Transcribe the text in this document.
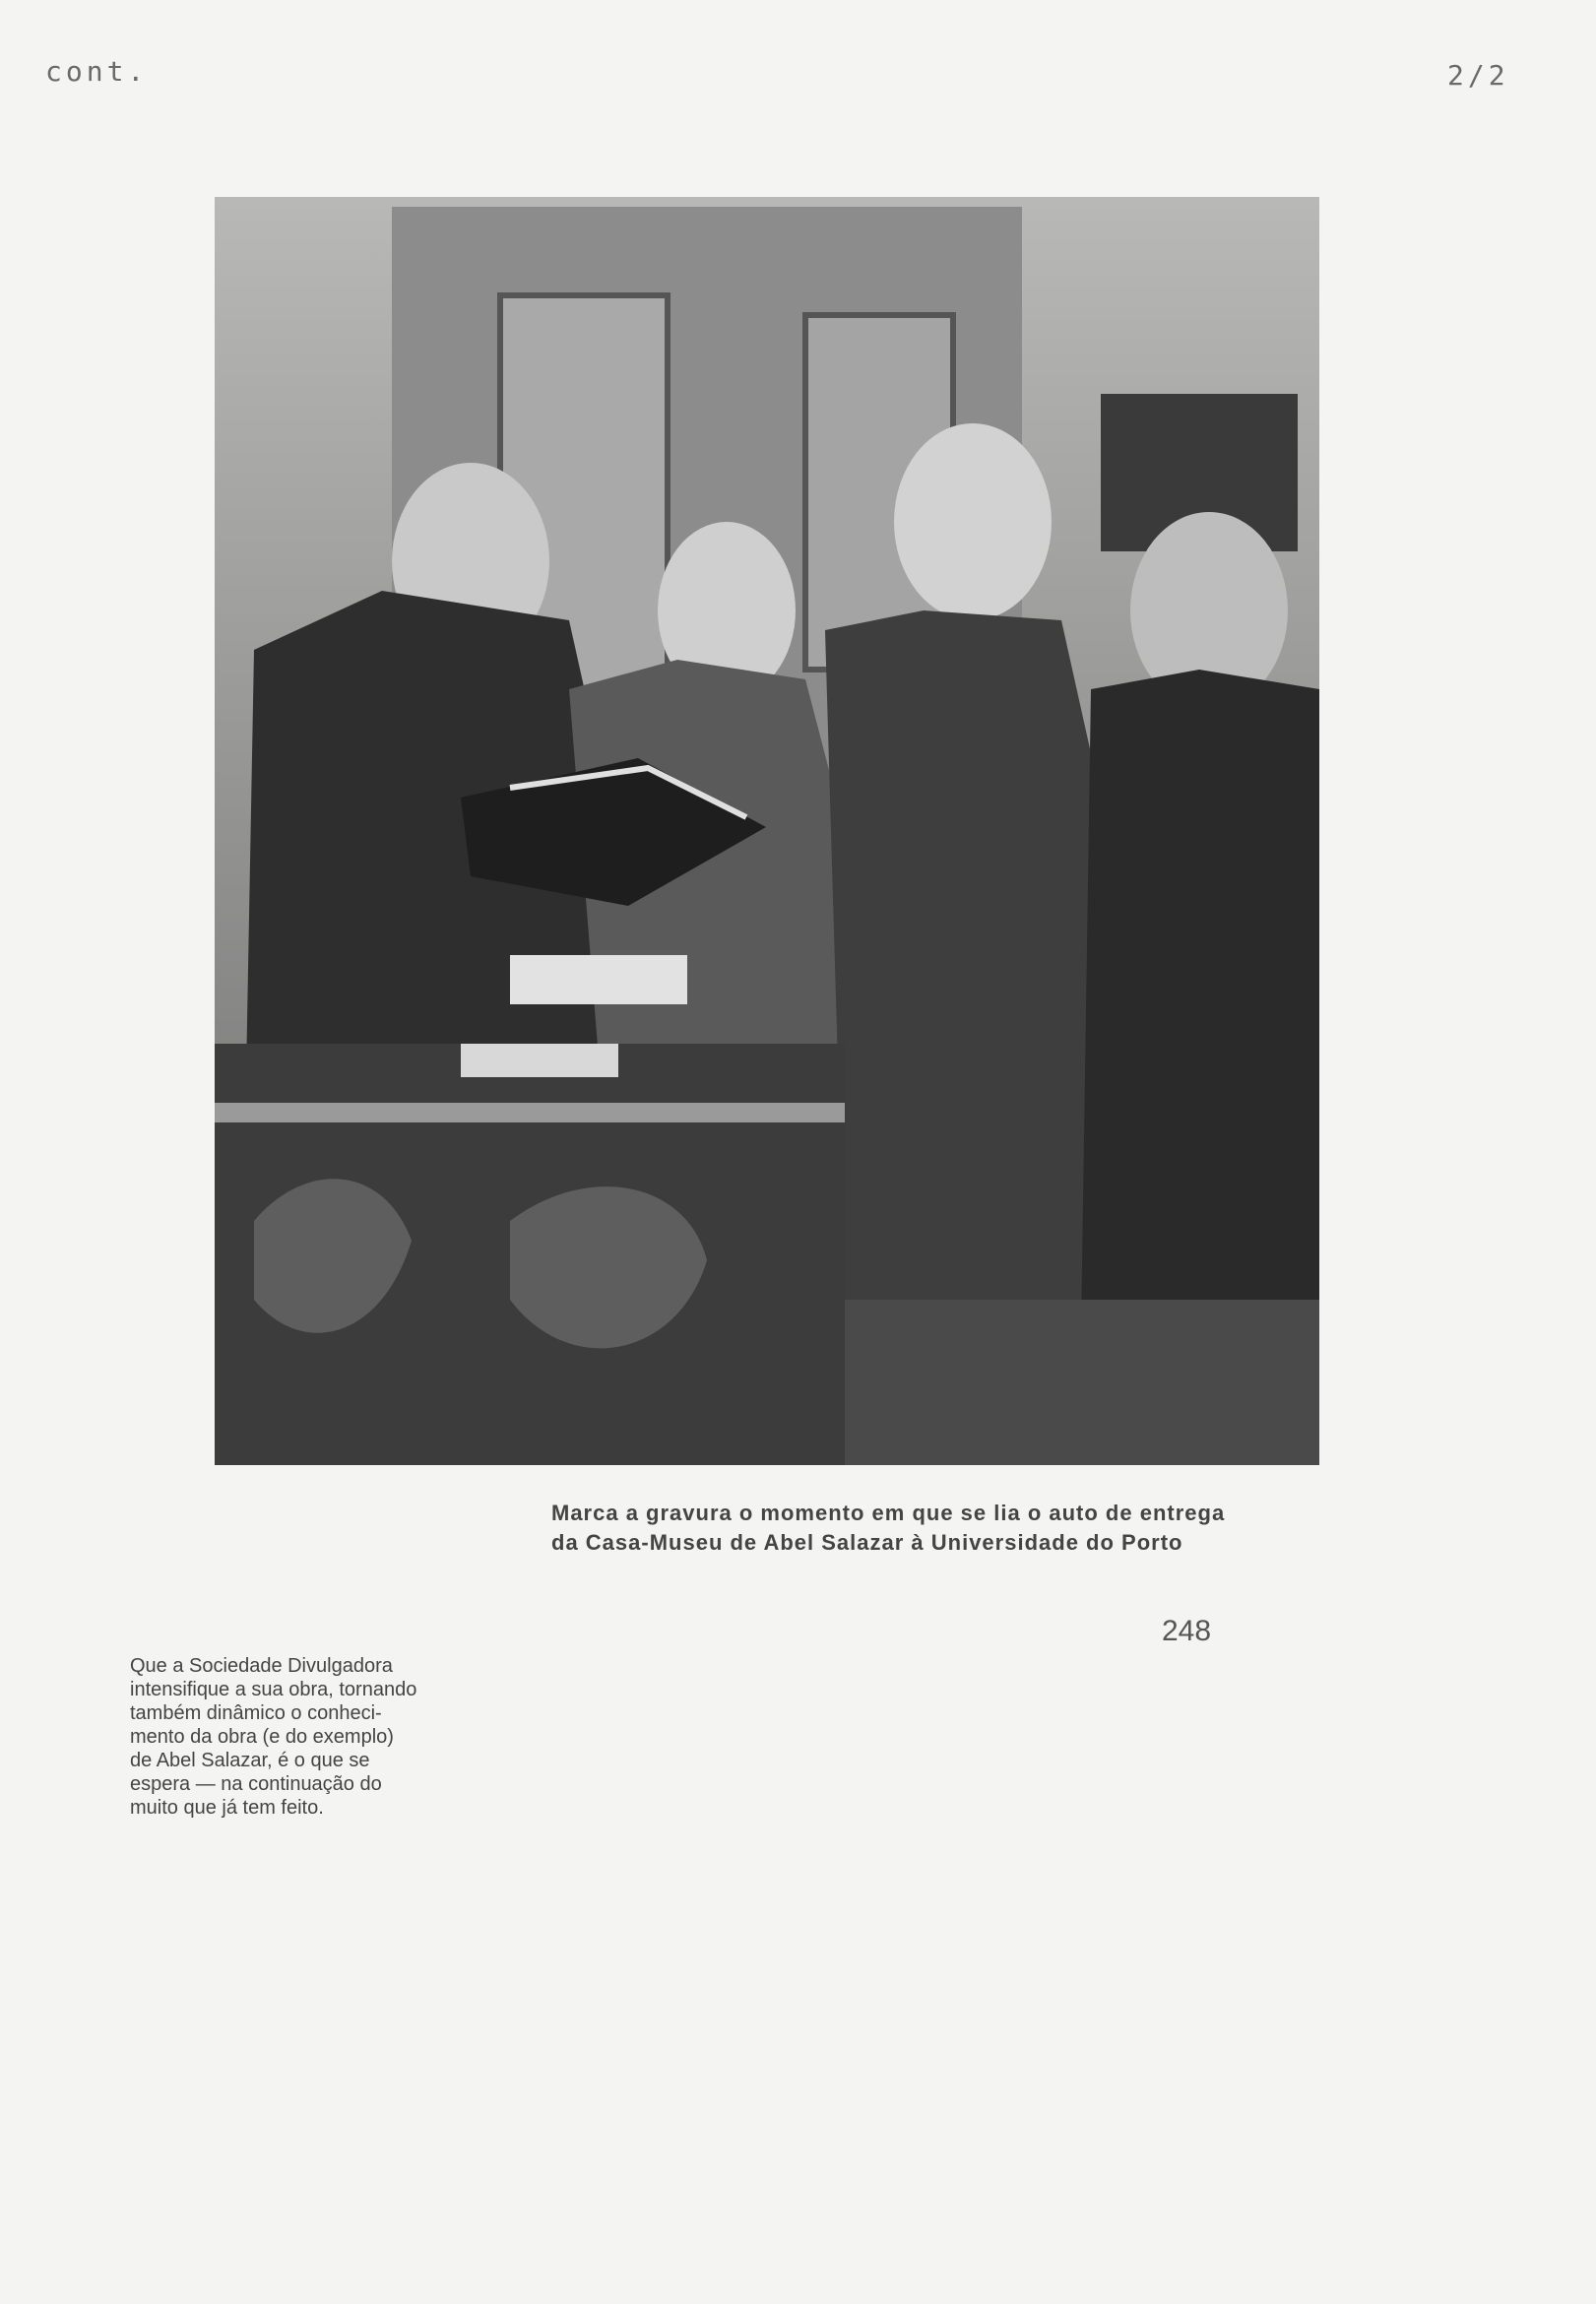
cont.	2/2
Marca a gravura o momento em que se lia o auto de entrega
da Casa-Museu de Abel Salazar à Universidade do Porto
248
Que a Sociedade Divulgadora
intensifique a sua obra, tornando
também dinâmico o conheci-
mento da obra (e do exemplo)
de Abel Salazar, é o que se
espera — na continuação do
muito que já tem feito.
